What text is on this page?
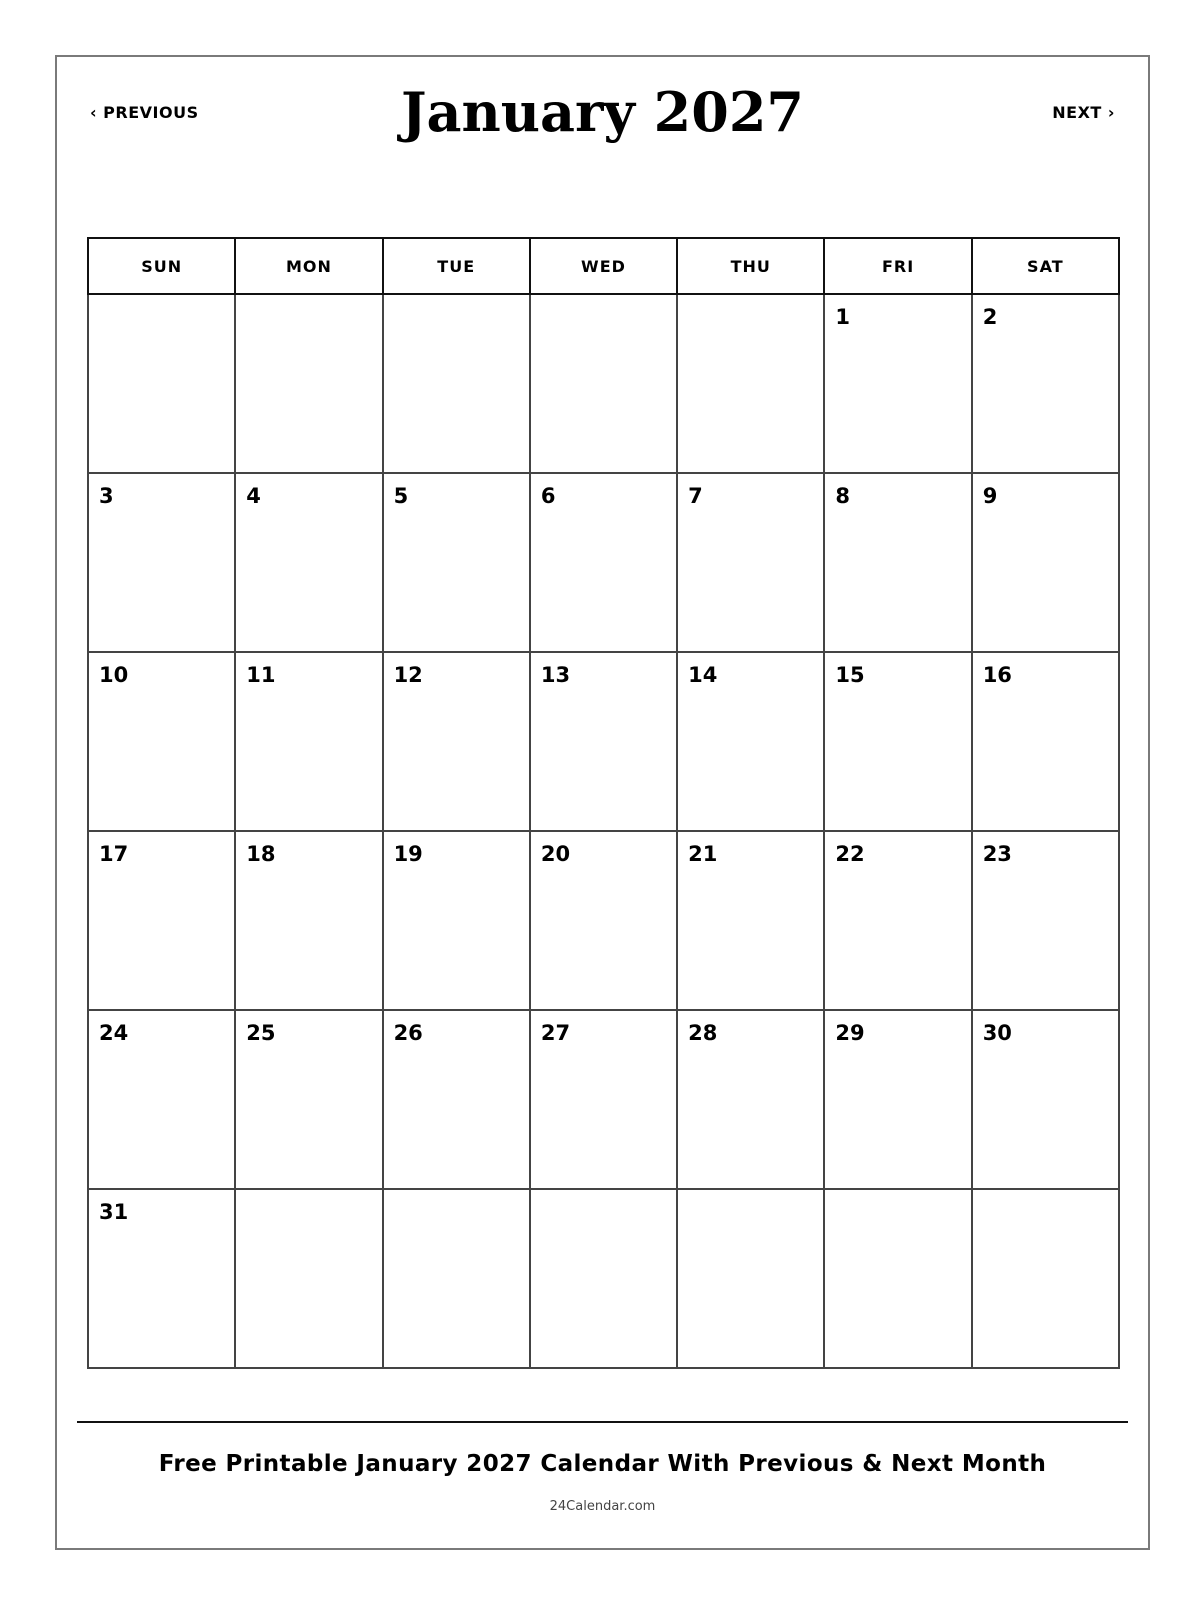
‹ PREVIOUS	January 2027	NEXT ›
SUN	MON	TUE	WED	THU	FRI	SAT

					1	2

3	4	5	6	7	8	9

10	11	12	13	14	15	16

17	18	19	20	21	22	23

24	25	26	27	28	29	30

31						

Free Printable January 2027 Calendar With Previous & Next Month
24Calendar.com
